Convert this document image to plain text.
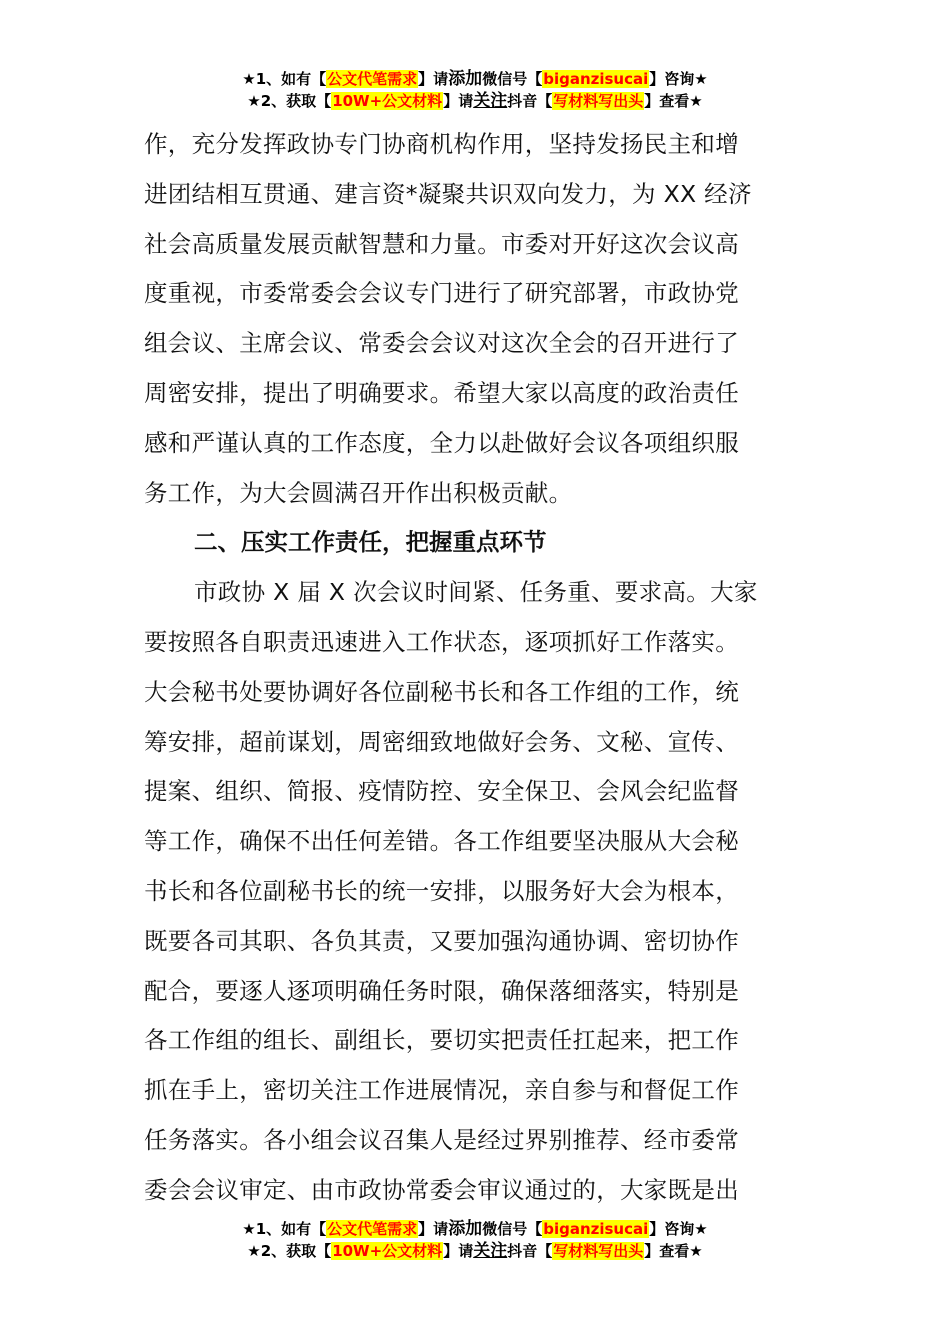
★1、如有【公文代笔需求】请添加微信号【biganzisucai】咨询★
★2、获取【10W+公文材料】请关注抖音【写材料写出头】查看★
作，充分发挥政协专门协商机构作用，坚持发扬民主和增
进团结相互贯通、建言资*凝聚共识双向发力，为 XX 经济
社会高质量发展贡献智慧和力量。市委对开好这次会议高
度重视，市委常委会会议专门进行了研究部署，市政协党
组会议、主席会议、常委会会议对这次全会的召开进行了
周密安排，提出了明确要求。希望大家以高度的政治责任
感和严谨认真的工作态度，全力以赴做好会议各项组织服
务工作，为大会圆满召开作出积极贡献。
二、压实工作责任，把握重点环节
市政协 X 届 X 次会议时间紧、任务重、要求高。大家
要按照各自职责迅速进入工作状态，逐项抓好工作落实。
大会秘书处要协调好各位副秘书长和各工作组的工作，统
筹安排，超前谋划，周密细致地做好会务、文秘、宣传、
提案、组织、简报、疫情防控、安全保卫、会风会纪监督
等工作，确保不出任何差错。各工作组要坚决服从大会秘
书长和各位副秘书长的统一安排，以服务好大会为根本，
既要各司其职、各负其责，又要加强沟通协调、密切协作
配合，要逐人逐项明确任务时限，确保落细落实，特别是
各工作组的组长、副组长，要切实把责任扛起来，把工作
抓在手上，密切关注工作进展情况，亲自参与和督促工作
任务落实。各小组会议召集人是经过界别推荐、经市委常
委会会议审定、由市政协常委会审议通过的，大家既是出
★1、如有【公文代笔需求】请添加微信号【biganzisucai】咨询★
★2、获取【10W+公文材料】请关注抖音【写材料写出头】查看★
